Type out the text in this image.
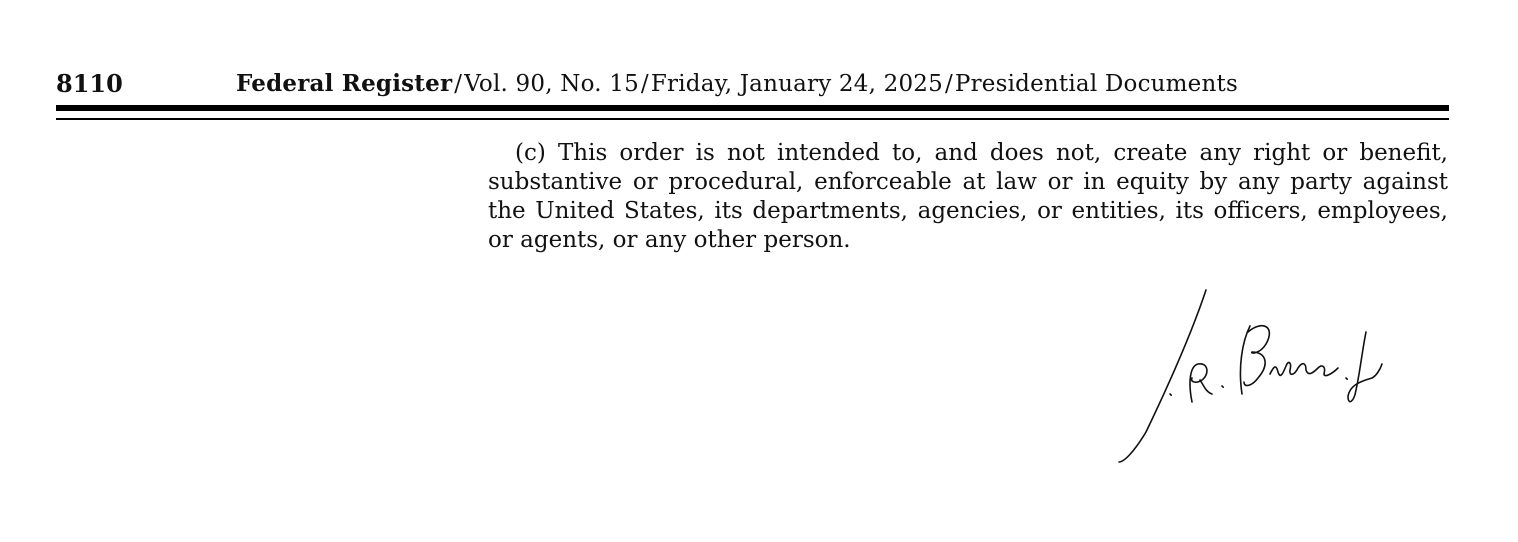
8110	Federal Register/Vol. 90, No. 15/Friday, January 24, 2025/Presidential Documents

(c) This order is not intended to, and does not, create any right or benefit, substantive or procedural, enforceable at law or in equity by any party against the United States, its departments, agencies, or entities, its officers, employees, or agents, or any other person.
